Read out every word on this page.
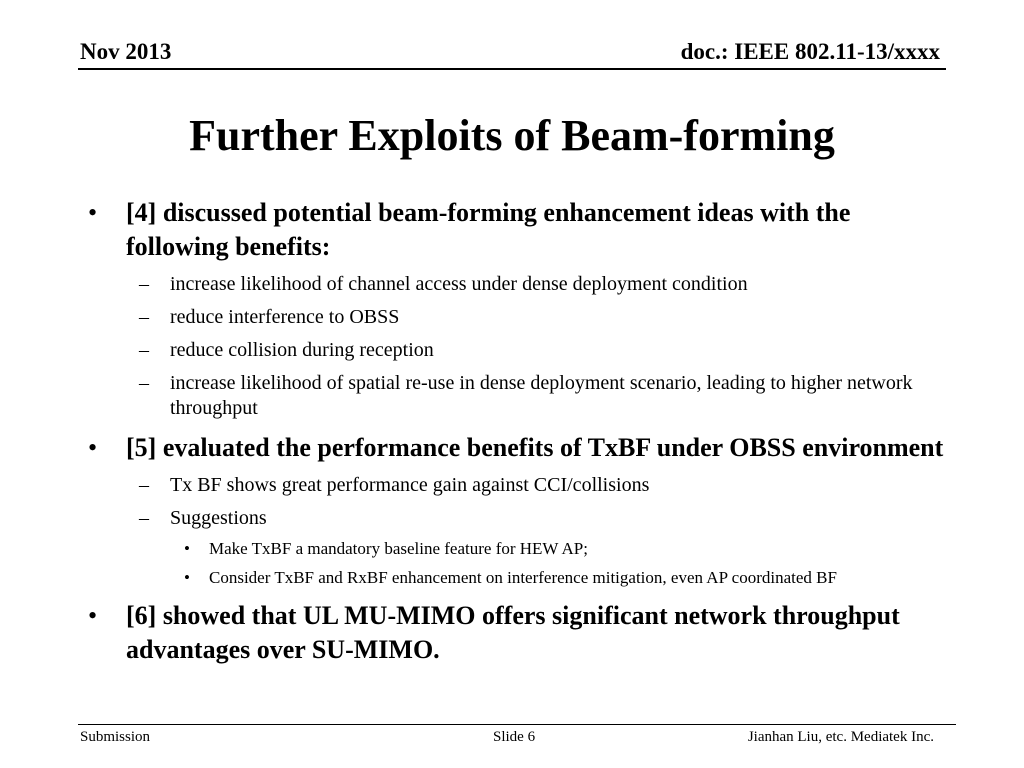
Nov 2013	doc.: IEEE 802.11-13/xxxx
Further Exploits of Beam-forming
• [4] discussed potential beam-forming enhancement ideas with the following benefits:
– increase likelihood of channel access under dense deployment condition
– reduce interference to OBSS
– reduce collision during reception
– increase likelihood of spatial re-use in dense deployment scenario, leading to higher network throughput
• [5] evaluated the performance benefits of TxBF under OBSS environment
– Tx BF shows great performance gain against CCI/collisions
– Suggestions
• Make TxBF a mandatory baseline feature for HEW AP;
• Consider TxBF and RxBF enhancement on interference mitigation, even AP coordinated BF
• [6] showed that UL MU-MIMO offers significant network throughput advantages over SU-MIMO.
Submission	Slide 6	Jianhan Liu, etc. Mediatek Inc.
